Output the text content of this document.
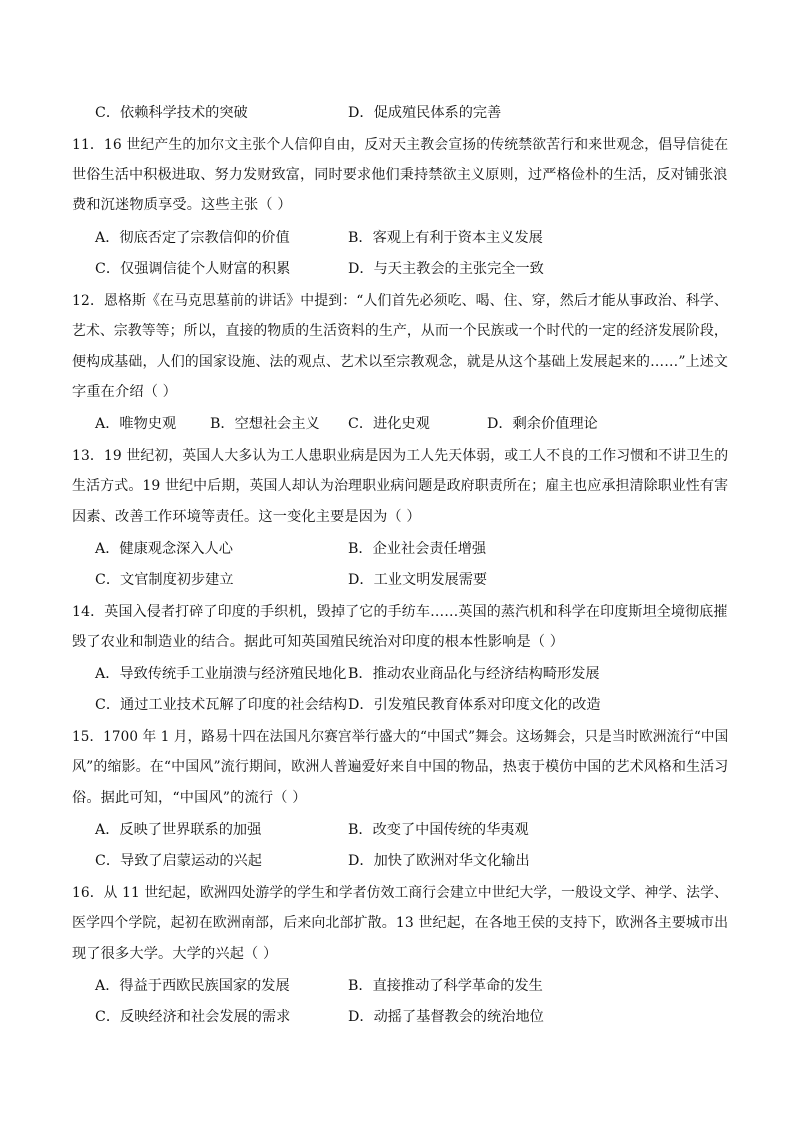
C．依赖科学技术的突破	D．促成殖民体系的完善
11．16 世纪产生的加尔文主张个人信仰自由，反对天主教会宣扬的传统禁欲苦行和来世观念，倡导信徒在
世俗生活中积极进取、努力发财致富，同时要求他们秉持禁欲主义原则，过严格俭朴的生活，反对铺张浪
费和沉迷物质享受。这些主张（ ）
A．彻底否定了宗教信仰的价值	B．客观上有利于资本主义发展
C．仅强调信徒个人财富的积累	D．与天主教会的主张完全一致
12．恩格斯《在马克思墓前的讲话》中提到：“人们首先必须吃、喝、住、穿，然后才能从事政治、科学、
艺术、宗教等等；所以，直接的物质的生活资料的生产，从而一个民族或一个时代的一定的经济发展阶段，
便构成基础，人们的国家设施、法的观点、艺术以至宗教观念，就是从这个基础上发展起来的……”上述文
字重在介绍（ ）
A．唯物史观 B．空想社会主义 C．进化史观	D．剩余价值理论
13．19 世纪初，英国人大多认为工人患职业病是因为工人先天体弱，或工人不良的工作习惯和不讲卫生的
生活方式。19 世纪中后期，英国人却认为治理职业病问题是政府职责所在；雇主也应承担清除职业性有害
因素、改善工作环境等责任。这一变化主要是因为（ ）
A．健康观念深入人心	B．企业社会责任增强
C．文官制度初步建立	D．工业文明发展需要
14．英国入侵者打碎了印度的手织机，毁掉了它的手纺车……英国的蒸汽机和科学在印度斯坦全境彻底摧
毁了农业和制造业的结合。据此可知英国殖民统治对印度的根本性影响是（ ）
A．导致传统手工业崩溃与经济殖民地化 B．推动农业商品化与经济结构畸形发展
C．通过工业技术瓦解了印度的社会结构 D．引发殖民教育体系对印度文化的改造
15．1700 年 1 月，路易十四在法国凡尔赛宫举行盛大的“中国式”舞会。这场舞会，只是当时欧洲流行“中国
风”的缩影。在“中国风”流行期间，欧洲人普遍爱好来自中国的物品，热衷于模仿中国的艺术风格和生活习
俗。据此可知，“中国风”的流行（ ）
A．反映了世界联系的加强	B．改变了中国传统的华夷观
C．导致了启蒙运动的兴起	D．加快了欧洲对华文化输出
16．从 11 世纪起，欧洲四处游学的学生和学者仿效工商行会建立中世纪大学，一般设文学、神学、法学、
医学四个学院，起初在欧洲南部，后来向北部扩散。13 世纪起，在各地王侯的支持下，欧洲各主要城市出
现了很多大学。大学的兴起（ ）
A．得益于西欧民族国家的发展	B．直接推动了科学革命的发生
C．反映经济和社会发展的需求	D．动摇了基督教会的统治地位
